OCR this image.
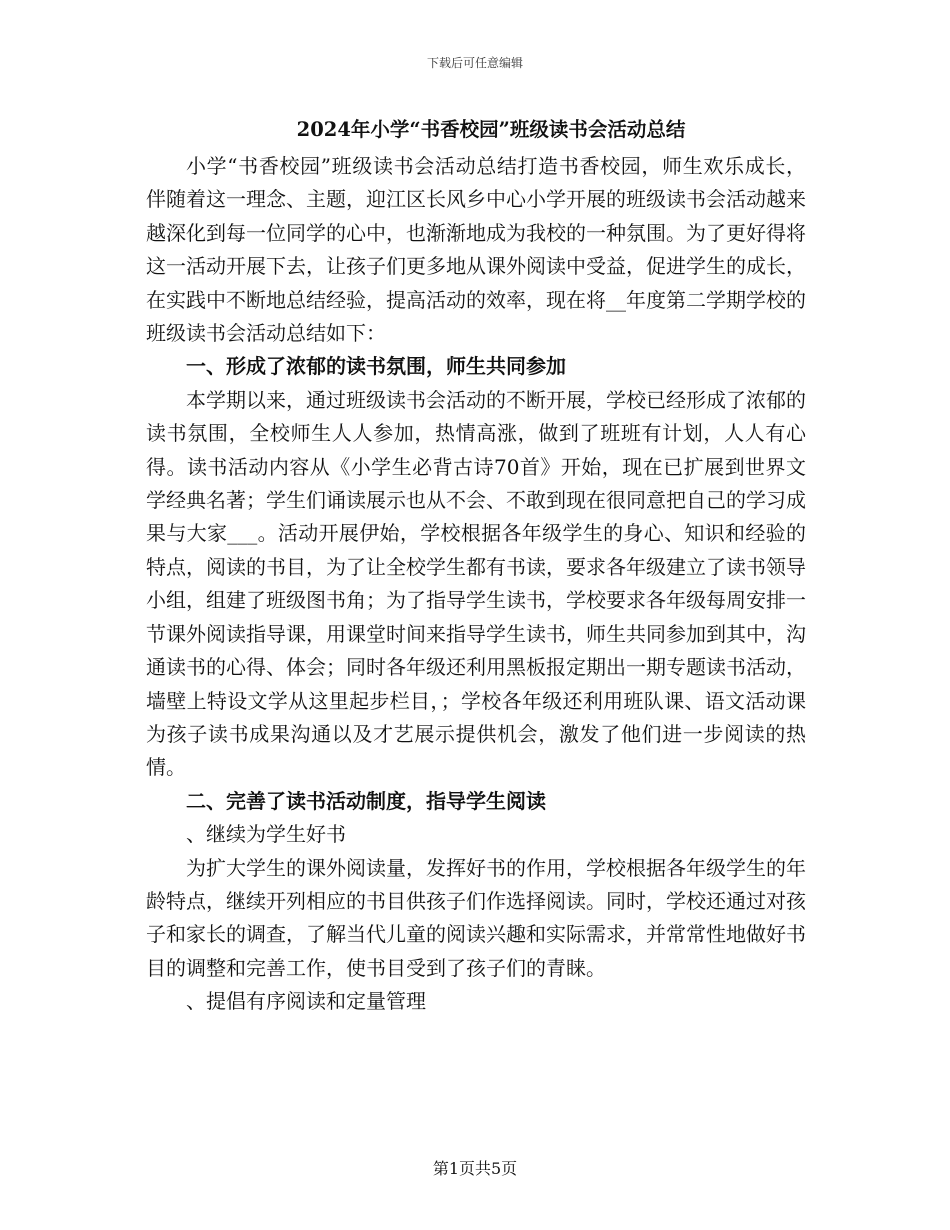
下载后可任意编辑

2024年小学“书香校园”班级读书会活动总结

小学“书香校园”班级读书会活动总结打造书香校园，师生欢乐成长，伴随着这一理念、主题，迎江区长风乡中心小学开展的班级读书会活动越来越深化到每一位同学的心中，也渐渐地成为我校的一种氛围。为了更好得将这一活动开展下去，让孩子们更多地从课外阅读中受益，促进学生的成长，在实践中不断地总结经验，提高活动的效率，现在将__年度第二学期学校的班级读书会活动总结如下：

一、形成了浓郁的读书氛围，师生共同参加

本学期以来，通过班级读书会活动的不断开展，学校已经形成了浓郁的读书氛围，全校师生人人参加，热情高涨，做到了班班有计划，人人有心得。读书活动内容从《小学生必背古诗70首》开始，现在已扩展到世界文学经典名著；学生们诵读展示也从不会、不敢到现在很同意把自己的学习成果与大家___。活动开展伊始，学校根据各年级学生的身心、知识和经验的特点，阅读的书目，为了让全校学生都有书读，要求各年级建立了读书领导小组，组建了班级图书角；为了指导学生读书，学校要求各年级每周安排一节课外阅读指导课，用课堂时间来指导学生读书，师生共同参加到其中，沟通读书的心得、体会；同时各年级还利用黑板报定期出一期专题读书活动，墙壁上特设文学从这里起步栏目，；学校各年级还利用班队课、语文活动课为孩子读书成果沟通以及才艺展示提供机会，激发了他们进一步阅读的热情。

二、完善了读书活动制度，指导学生阅读

、继续为学生好书

为扩大学生的课外阅读量，发挥好书的作用，学校根据各年级学生的年龄特点，继续开列相应的书目供孩子们作选择阅读。同时，学校还通过对孩子和家长的调查，了解当代儿童的阅读兴趣和实际需求，并常常性地做好书目的调整和完善工作，使书目受到了孩子们的青睐。

、提倡有序阅读和定量管理

第1页共5页
